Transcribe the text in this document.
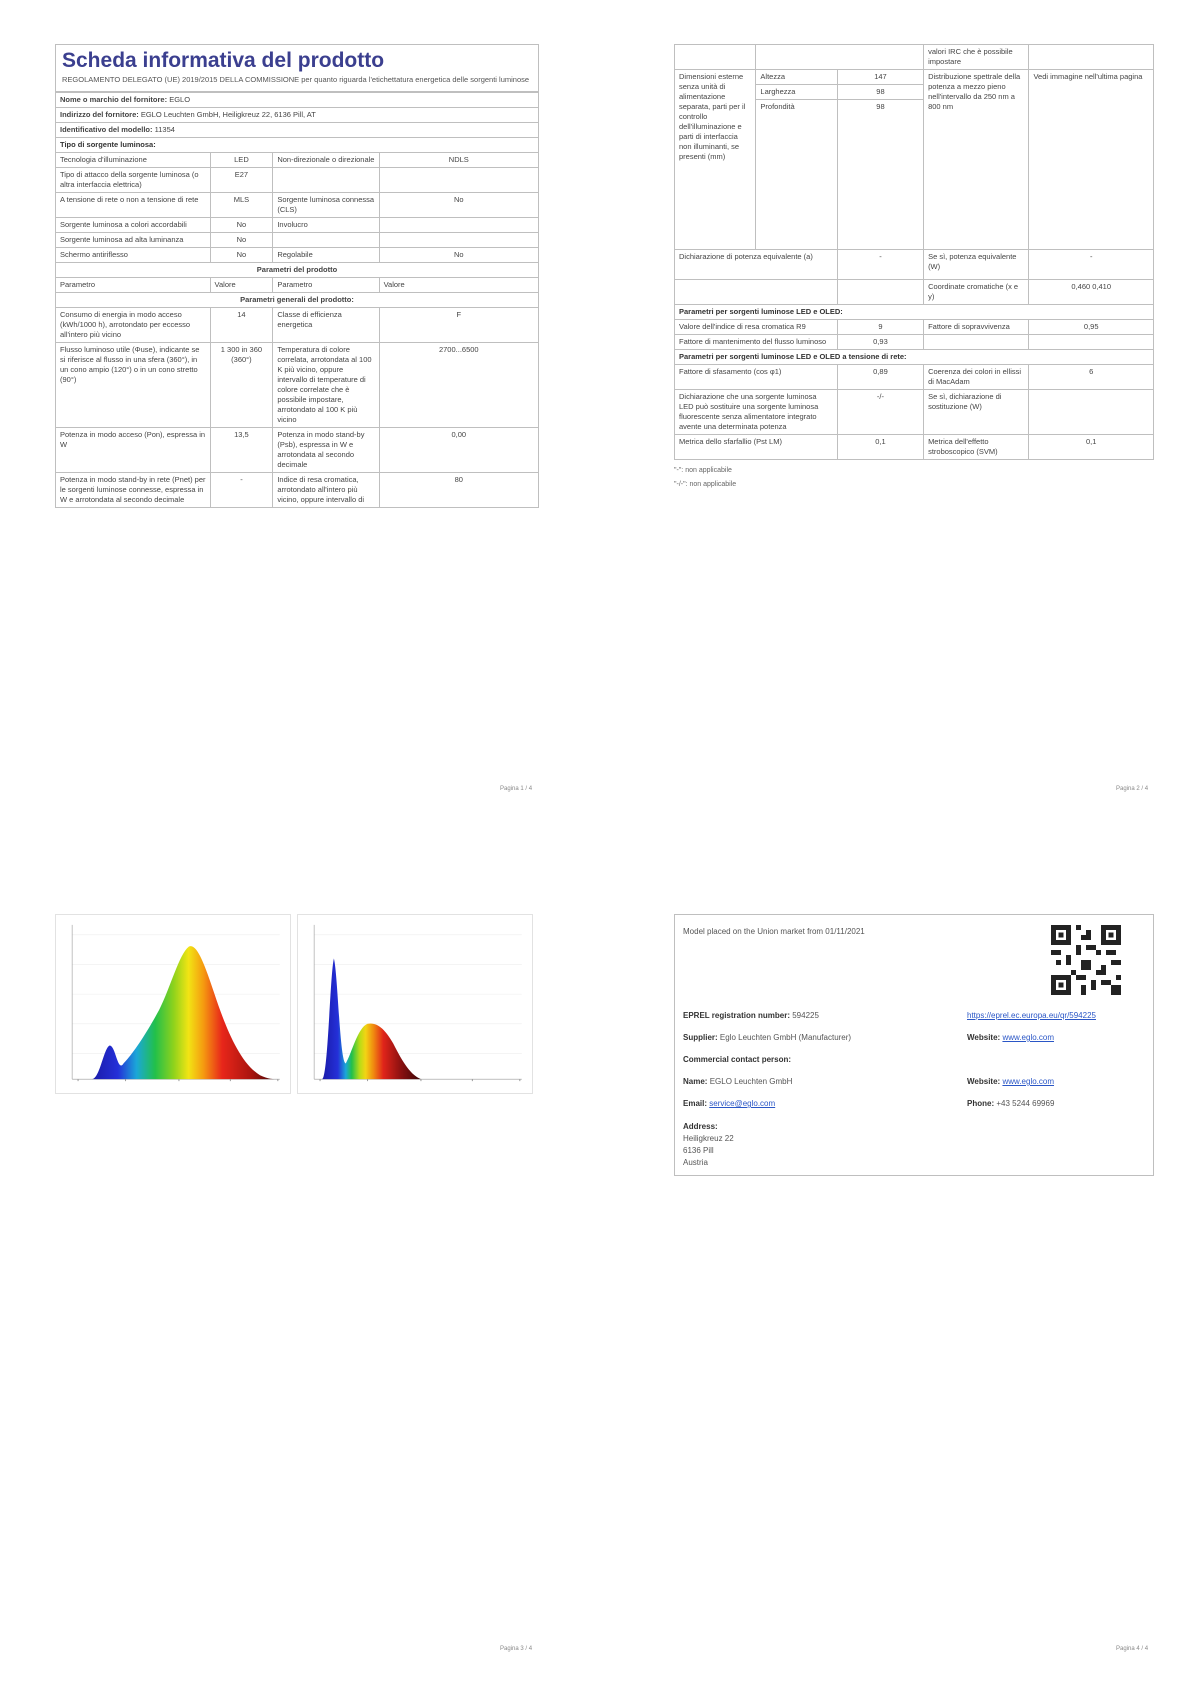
Scheda informativa del prodotto
REGOLAMENTO DELEGATO (UE) 2019/2015 DELLA COMMISSIONE per quanto riguarda l'etichettatura energetica delle sorgenti luminose
Nome o marchio del fornitore: EGLO			
Indirizzo del fornitore: EGLO Leuchten GmbH, Heiligkreuz 22, 6136 Pill, AT			
Identificativo del modello: 11354			
Tipo di sorgente luminosa:			
Tecnologia d'illuminazione	LED	Non-direzionale o direzionale	NDLS
Tipo di attacco della sorgente luminosa (o altra interfaccia elettrica)	E27		
A tensione di rete o non a tensione di rete	MLS	Sorgente luminosa connessa (CLS)	No
Sorgente luminosa a colori accordabili	No	Involucro	
Sorgente luminosa ad alta luminanza	No		
Schermo antiriflesso	No	Regolabile	No
Parametri del prodotto			
Parametro	Valore	Parametro	Valore
Parametri generali del prodotto:			
Consumo di energia in modo acceso (kWh/1000 h), arrotondato per eccesso all'intero più vicino	14	Classe di efficienza energetica	F
Flusso luminoso utile (Φuse), indicante se si riferisce al flusso in una sfera (360°), in un cono ampio (120°) o in un cono stretto (90°)	1 300 in 360 (360°)	Temperatura di colore correlata, arrotondata al 100 K più vicino, oppure intervallo di temperature di colore correlate che è possibile impostare, arrotondato al 100 K più vicino	2700...6500
Potenza in modo acceso (Pon), espressa in W	13,5	Potenza in modo stand-by (Psb), espressa in W e arrotondata al secondo decimale	0,00
Potenza in modo stand-by in rete (Pnet) per le sorgenti luminose connesse, espressa in W e arrotondata al secondo decimale	-	Indice di resa cromatica, arrotondato all'intero più vicino, oppure intervallo di	80
Pagina 1 / 4
			valori IRC che è possibile impostare	
Dimensioni esterne senza unità di alimentazione separata, parti per il controllo dell'illuminazione e parti di interfaccia non illuminanti, se presenti (mm)	Altezza	147	Distribuzione spettrale della potenza a mezzo pieno nell'intervallo da 250 nm a 800 nm	Vedi immagine nell'ultima pagina
	Larghezza	98		
	Profondità	98		
Dichiarazione di potenza equivalente (a)		-	Se sì, potenza equivalente (W)	-
			Coordinate cromatiche (x e y)	0,460 0,410
Parametri per sorgenti luminose LED e OLED:				
Valore dell'indice di resa cromatica R9		9	Fattore di sopravvivenza	0,95
Fattore di mantenimento del flusso luminoso		0,93		
Parametri per sorgenti luminose LED e OLED a tensione di rete:				
Fattore di sfasamento (cos φ1)		0,89	Coerenza dei colori in ellissi di MacAdam	6
Dichiarazione che una sorgente luminosa LED può sostituire una sorgente luminosa fluorescente senza alimentatore integrato avente una determinata potenza		-/-	Se sì, dichiarazione di sostituzione (W)	
Metrica dello sfarfallio (Pst LM)		0,1	Metrica dell'effetto stroboscopico (SVM)	0,1
"-": non applicabile
"-/-": non applicabile
Pagina 2 / 4
Pagina 3 / 4
Model placed on the Union market from 01/11/2021
EPREL registration number: 594225	https://eprel.ec.europa.eu/qr/594225
Supplier: Eglo Leuchten GmbH (Manufacturer)	Website: www.eglo.com
Commercial contact person:
Name: EGLO Leuchten GmbH	Website: www.eglo.com
Email: service@eglo.com	Phone: +43 5244 69969
Address:
Heiligkreuz 22
6136 Pill
Austria
Pagina 4 / 4
